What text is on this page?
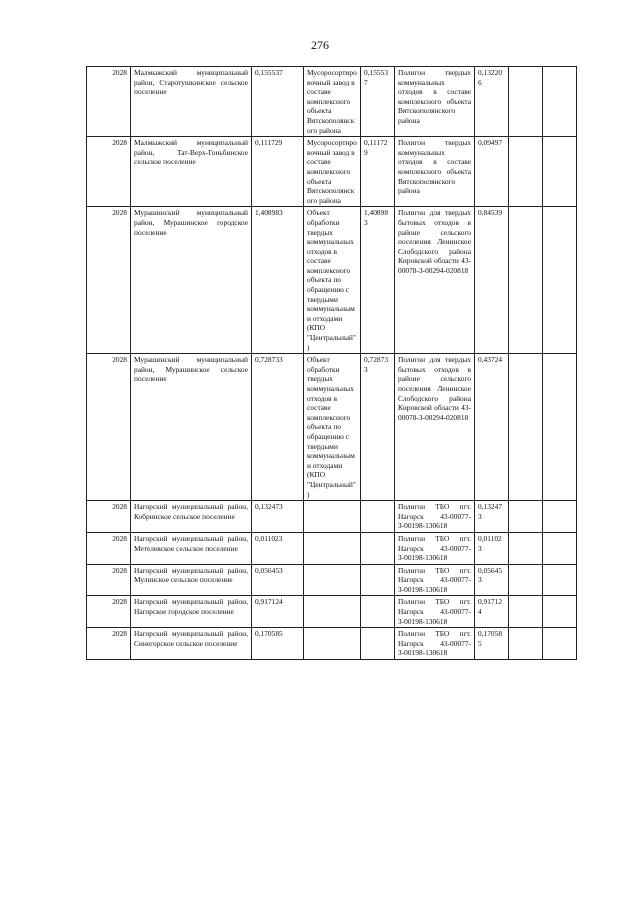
276
2028	Малмыжский муниципальный район, Старотушкинское сельское поселение	0,155537	Мусоросортировочный завод в составе комплексного объекта Вятскополянского района	0,155537	Полигон твердых коммунальных отходов в составе комплексного объекта Вятскополянского района	0,132206		
2028	Малмыжский муниципальный район, Тат-Верх-Гоньбинское сельское поселение	0,111729	Мусоросортировочный завод в составе комплексного объекта Вятскополянского района	0,111729	Полигон твердых коммунальных отходов в составе комплексного объекта Вятскополянского района	0,09497		
2028	Мурашинский муниципальный район, Мурашинское городское поселение	1,408983	Объект обработки твердых коммунальных отходов в составе комплексного объекта по обращению с твердыми коммунальными отходами (КПО "Центральный")	1,408983	Полигон для твердых бытовых отходов в районе сельского поселения Ленинское Слободского района Кировской области 43-00078-З-00294-020818	0,84539		
2028	Мурашинский муниципальный район, Мурашинское сельское поселение	0,728733	Объект обработки твердых коммунальных отходов в составе комплексного объекта по обращению с твердыми коммунальными отходами (КПО "Центральный")	0,728733	Полигон для твердых бытовых отходов в районе сельского поселения Ленинское Слободского района Кировской области 43-00078-З-00294-020818	0,43724		
2028	Нагорский муниципальный район, Кобринское сельское поселение	0,132473			Полигон ТБО пгт. Нагорск 43-00077-З-00198-130618	0,132473		
2028	Нагорский муниципальный район, Метелевское сельское поселение	0,011023			Полигон ТБО пгт. Нагорск 43-00077-З-00198-130618	0,011023		
2028	Нагорский муниципальный район, Мулинское сельское поселение	0,056453			Полигон ТБО пгт. Нагорск 43-00077-З-00198-130618	0,056453		
2028	Нагорский муниципальный район, Нагорское городское поселение	0,917124			Полигон ТБО пгт. Нагорск 43-00077-З-00198-130618	0,917124		
2028	Нагорский муниципальный район, Синегорское сельское поселение	0,170585			Полигон ТБО пгт. Нагорск 43-00077-З-00198-130618	0,170585		
